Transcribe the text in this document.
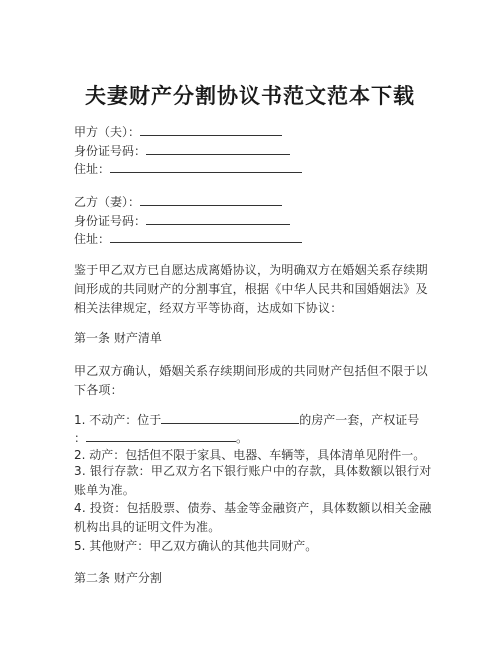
夫妻财产分割协议书范文范本下载
甲方（夫）：
身份证号码：
住址：
乙方（妻）：
身份证号码：
住址：
鉴于甲乙双方已自愿达成离婚协议，为明确双方在婚姻关系存续期间形成的共同财产的分割事宜，根据《中华人民共和国婚姻法》及相关法律规定，经双方平等协商，达成如下协议：
第一条 财产清单
甲乙双方确认，婚姻关系存续期间形成的共同财产包括但不限于以下各项：
1. 不动产：位于	的房产一套，产权证号
：	。
2. 动产：包括但不限于家具、电器、车辆等，具体清单见附件一。
3. 银行存款：甲乙双方名下银行账户中的存款，具体数额以银行对账单为准。
4. 投资：包括股票、债券、基金等金融资产，具体数额以相关金融机构出具的证明文件为准。
5. 其他财产：甲乙双方确认的其他共同财产。
第二条 财产分割
